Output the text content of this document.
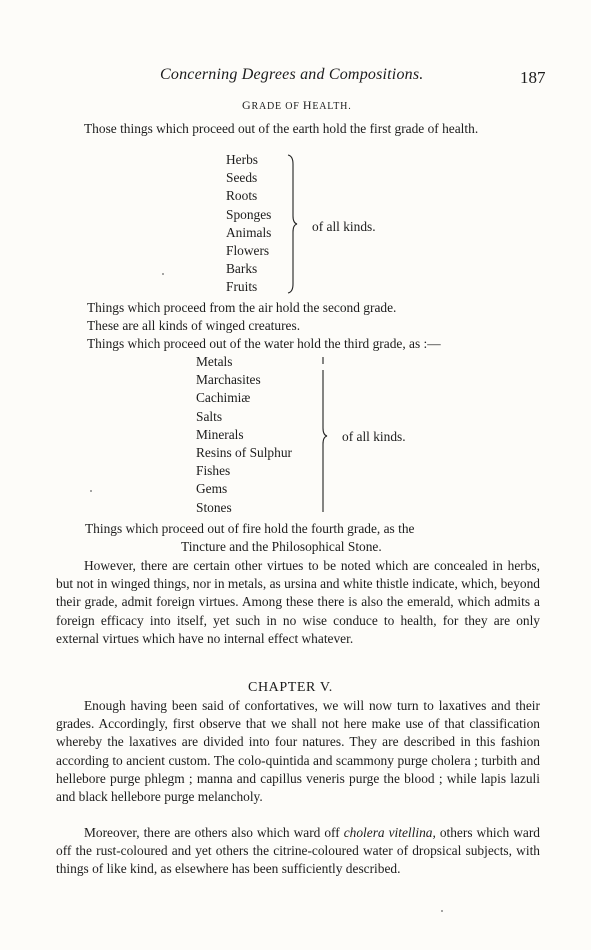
Concerning Degrees and Compositions.	187
GRADE OF HEALTH.
Those things which proceed out of the earth hold the first grade of health.
Herbs
Seeds
Roots
Sponges
Animals
Flowers
Barks
Fruits
of all kinds.
Things which proceed from the air hold the second grade.
These are all kinds of winged creatures.
Things which proceed out of the water hold the third grade, as :—
Metals
Marchasites
Cachimiæ
Salts
Minerals
Resins of Sulphur
Fishes
Gems
Stones
of all kinds.
Things which proceed out of fire hold the fourth grade, as the
Tincture and the Philosophical Stone.
However, there are certain other virtues to be noted which are concealed in herbs, but not in winged things, nor in metals, as ursina and white thistle indicate, which, beyond their grade, admit foreign virtues. Among these there is also the emerald, which admits a foreign efficacy into itself, yet such in no wise conduce to health, for they are only external virtues which have no internal effect whatever.
CHAPTER V.
Enough having been said of confortatives, we will now turn to laxatives and their grades. Accordingly, first observe that we shall not here make use of that classification whereby the laxatives are divided into four natures. They are described in this fashion according to ancient custom. The colo-quintida and scammony purge cholera ; turbith and hellebore purge phlegm ; manna and capillus veneris purge the blood ; while lapis lazuli and black hellebore purge melancholy.
Moreover, there are others also which ward off cholera vitellina, others which ward off the rust-coloured and yet others the citrine-coloured water of dropsical subjects, with things of like kind, as elsewhere has been sufficiently described.
